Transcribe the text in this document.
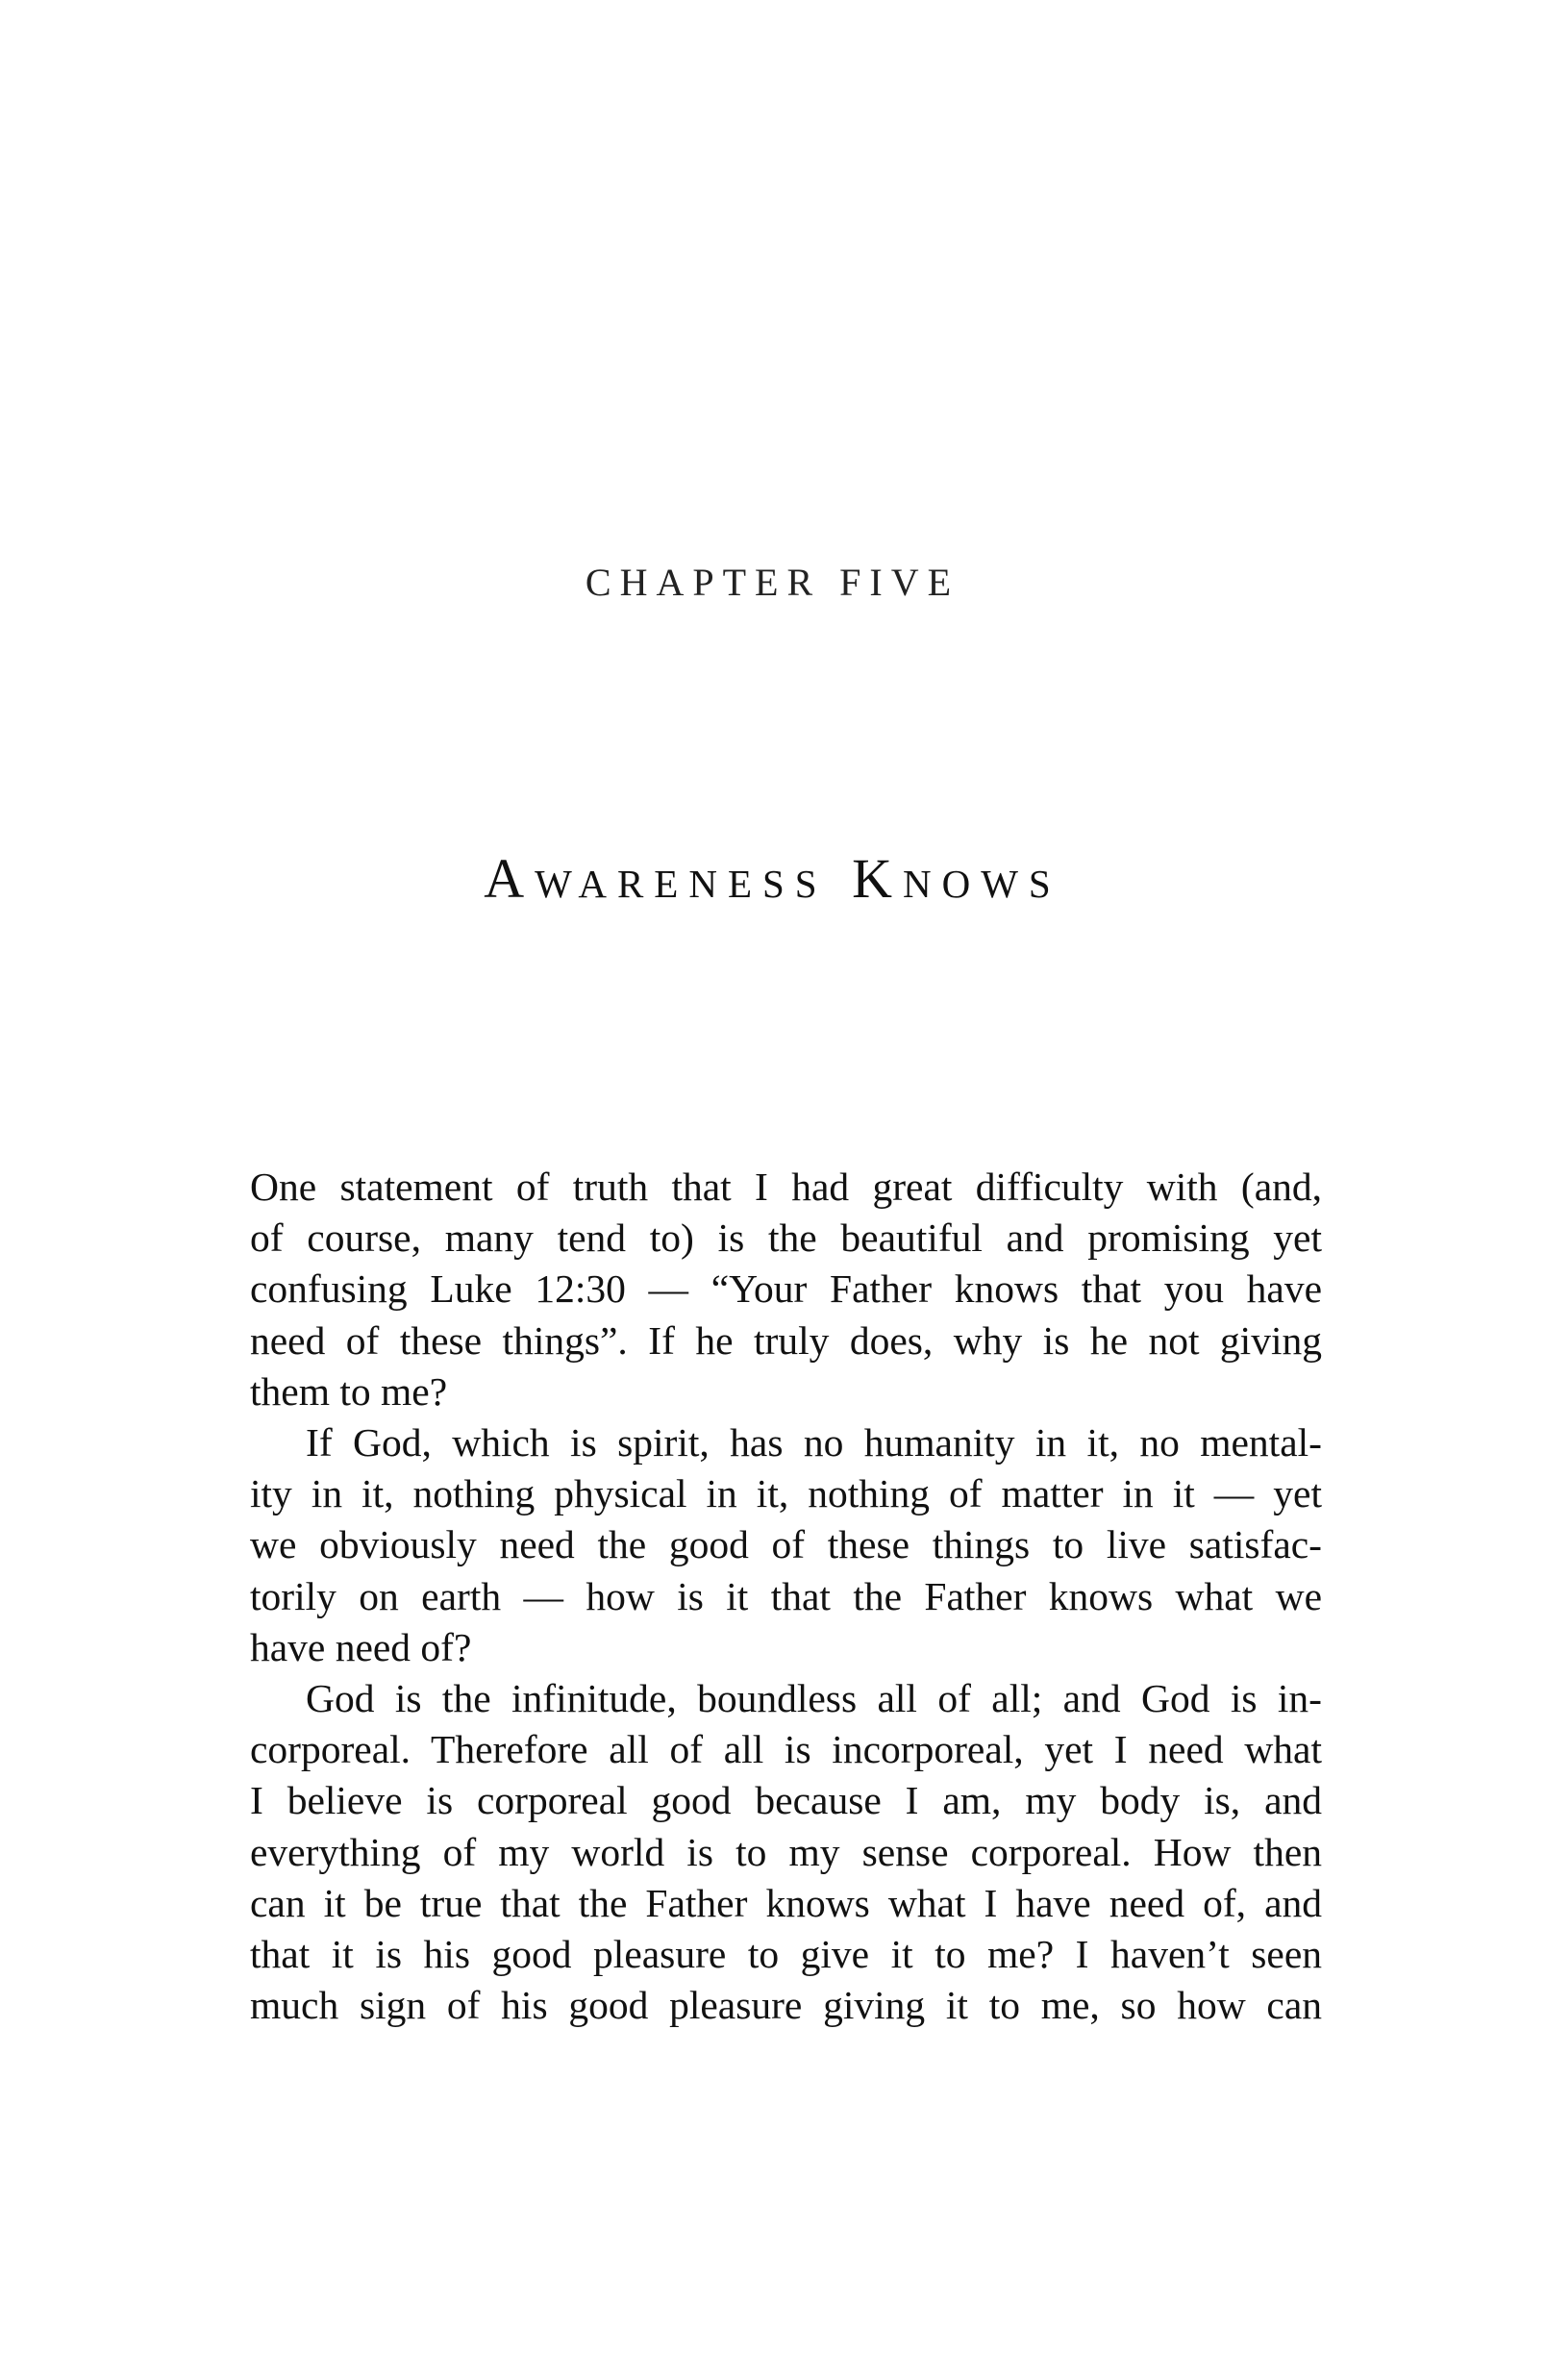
CHAPTER FIVE
Awareness Knows
One statement of truth that I had great difficulty with (and,
of course, many tend to) is the beautiful and promising yet
confusing Luke 12:30 — “Your Father knows that you have
need of these things”. If he truly does, why is he not giving
them to me?
If God, which is spirit, has no humanity in it, no mental-
ity in it, nothing physical in it, nothing of matter in it — yet
we obviously need the good of these things to live satisfac-
torily on earth — how is it that the Father knows what we
have need of?
God is the infinitude, boundless all of all; and God is in-
corporeal. Therefore all of all is incorporeal, yet I need what
I believe is corporeal good because I am, my body is, and
everything of my world is to my sense corporeal. How then
can it be true that the Father knows what I have need of, and
that it is his good pleasure to give it to me? I haven’t seen
much sign of his good pleasure giving it to me, so how can
